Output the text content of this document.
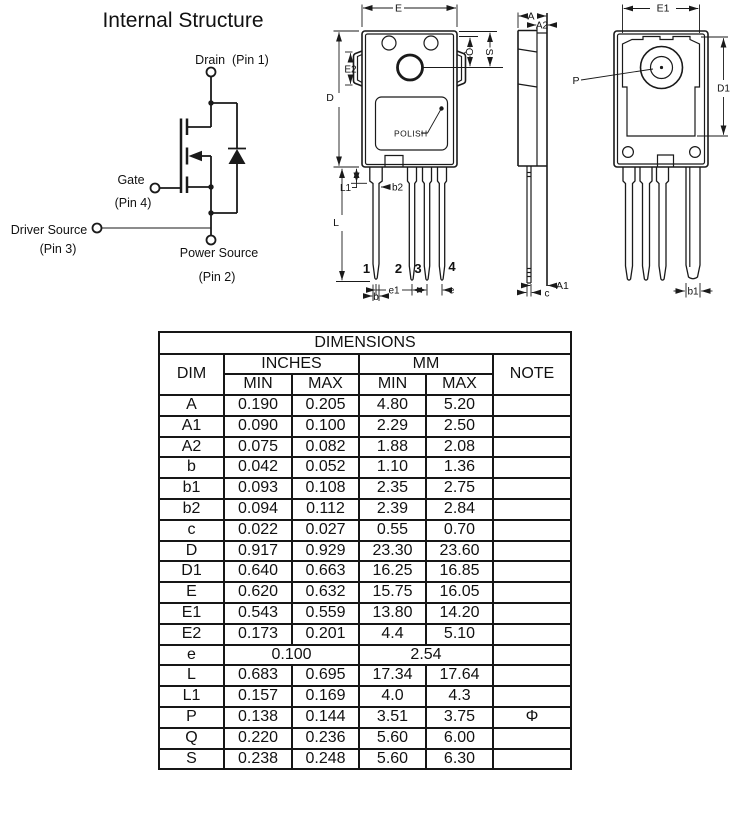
Internal Structure
Drain  (Pin 1)
Gate
(Pin 4)
Driver Source
(Pin 3)	Power Source
(Pin 2)
POLISH
1 2 3 4
E
D
E2
Q S
L
L1	b2
e1	e
b
A
A2
A1
c
E1
D1
b1
P
DIMENSIONS					
DIM	INCHES		MM		NOTE
	MIN	MAX	MIN	MAX	
A	0.190	0.205	4.80	5.20	
A1	0.090	0.100	2.29	2.50	
A2	0.075	0.082	1.88	2.08	
b	0.042	0.052	1.10	1.36	
b1	0.093	0.108	2.35	2.75	
b2	0.094	0.112	2.39	2.84	
c	0.022	0.027	0.55	0.70	
D	0.917	0.929	23.30	23.60	
D1	0.640	0.663	16.25	16.85	
E	0.620	0.632	15.75	16.05	
E1	0.543	0.559	13.80	14.20	
E2	0.173	0.201	4.4	5.10	
e	0.100		2.54		
L	0.683	0.695	17.34	17.64	
L1	0.157	0.169	4.0	4.3	
P	0.138	0.144	3.51	3.75	Φ
Q	0.220	0.236	5.60	6.00	
S	0.238	0.248	5.60	6.30	
